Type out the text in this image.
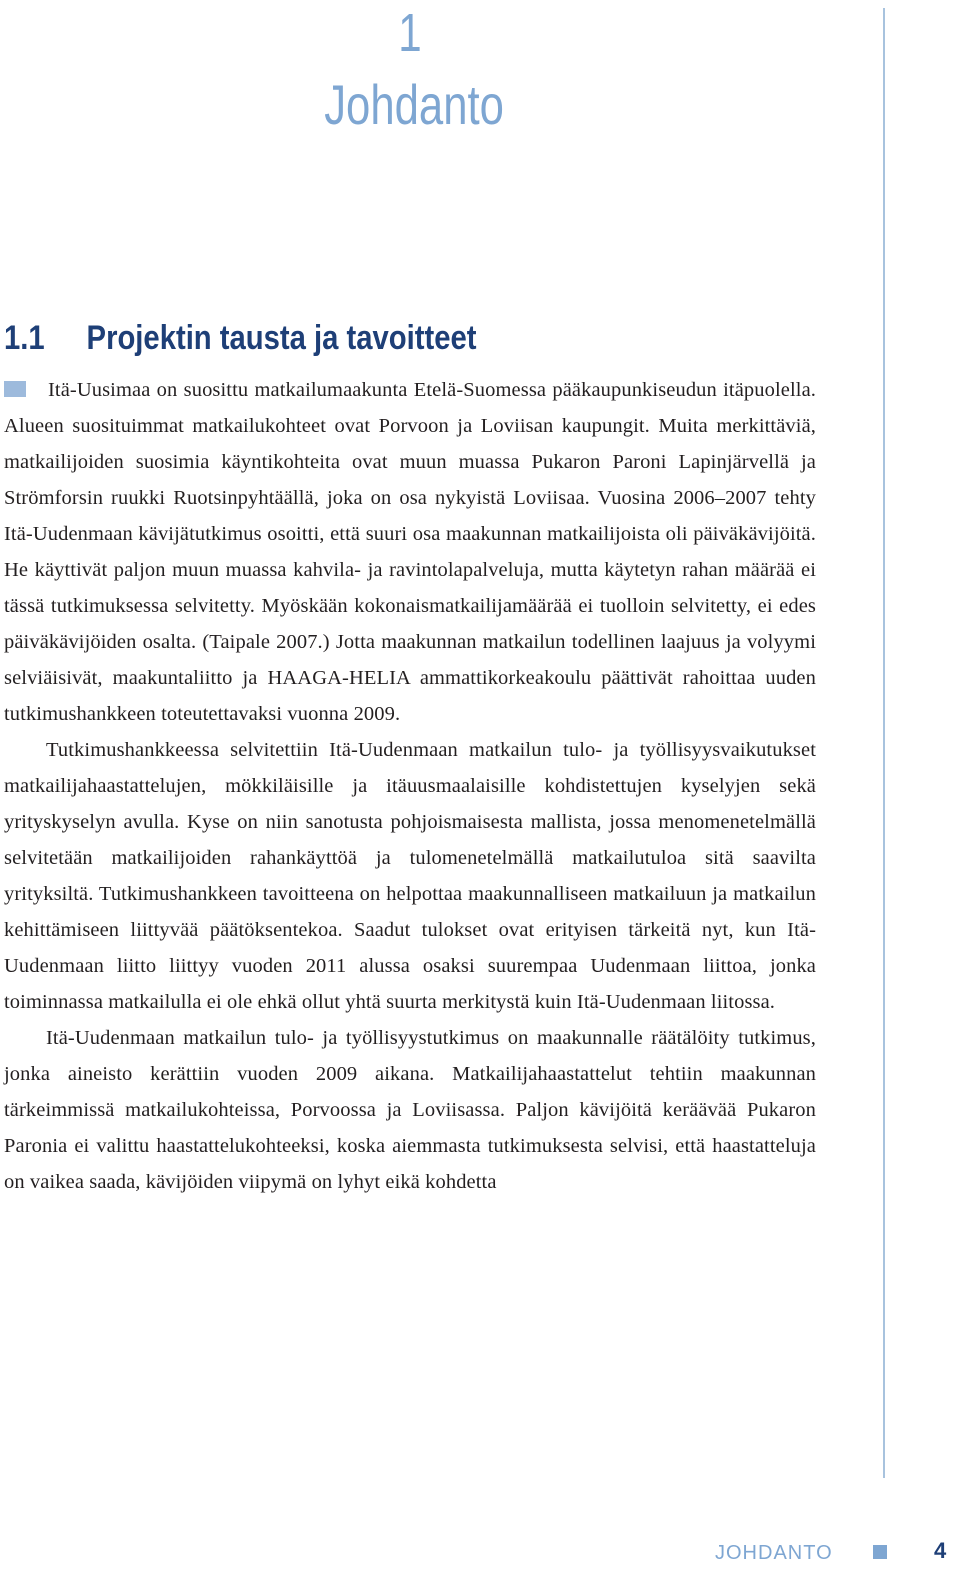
1
Johdanto
1.1 Projektin tausta ja tavoitteet

Itä-Uusimaa on suosittu matkailumaakunta Etelä-Suomessa pääkaupunkiseudun itäpuolella. Alueen suosituimmat matkailukohteet ovat Porvoon ja Loviisan kaupungit. Muita merkittäviä, matkailijoiden suosimia käyntikohteita ovat muun muassa Pukaron Paroni Lapinjärvellä ja Strömforsin ruukki Ruotsinpyhtäällä, joka on osa nykyistä Loviisaa. Vuosina 2006–2007 tehty Itä-Uudenmaan kävijätutkimus osoitti, että suuri osa maakunnan matkailijoista oli päiväkävijöitä. He käyttivät paljon muun muassa kahvila- ja ravintolapalveluja, mutta käytetyn rahan määrää ei tässä tutkimuksessa selvitetty. Myöskään kokonaismatkailijamäärää ei tuolloin selvitetty, ei edes päiväkävijöiden osalta. (Taipale 2007.) Jotta maakunnan matkailun todellinen laajuus ja volyymi selviäisivät, maakuntaliitto ja HAAGA-HELIA ammattikorkeakoulu päättivät rahoittaa uuden tutkimushankkeen toteutettavaksi vuonna 2009.

Tutkimushankkeessa selvitettiin Itä-Uudenmaan matkailun tulo- ja työllisyysvaikutukset matkailijahaastattelujen, mökkiläisille ja itäuusmaalaisille kohdistettujen kyselyjen sekä yrityskyselyn avulla. Kyse on niin sanotusta pohjoismaisesta mallista, jossa menomenetelmällä selvitetään matkailijoiden rahankäyttöä ja tulomenetelmällä matkailutuloa sitä saavilta yrityksiltä. Tutkimushankkeen tavoitteena on helpottaa maakunnalliseen matkailuun ja matkailun kehittämiseen liittyvää päätöksentekoa. Saadut tulokset ovat erityisen tärkeitä nyt, kun Itä-Uudenmaan liitto liittyy vuoden 2011 alussa osaksi suurempaa Uudenmaan liittoa, jonka toiminnassa matkailulla ei ole ehkä ollut yhtä suurta merkitystä kuin Itä-Uudenmaan liitossa.

Itä-Uudenmaan matkailun tulo- ja työllisyystutkimus on maakunnalle räätälöity tutkimus, jonka aineisto kerättiin vuoden 2009 aikana. Matkailijahaastattelut tehtiin maakunnan tärkeimmissä matkailukohteissa, Porvoossa ja Loviisassa. Paljon kävijöitä keräävää Pukaron Paronia ei valittu haastattelukohteeksi, koska aiemmasta tutkimuksesta selvisi, että haastatteluja on vaikea saada, kävijöiden viipymä on lyhyt eikä kohdetta

JOHDANTO	4
